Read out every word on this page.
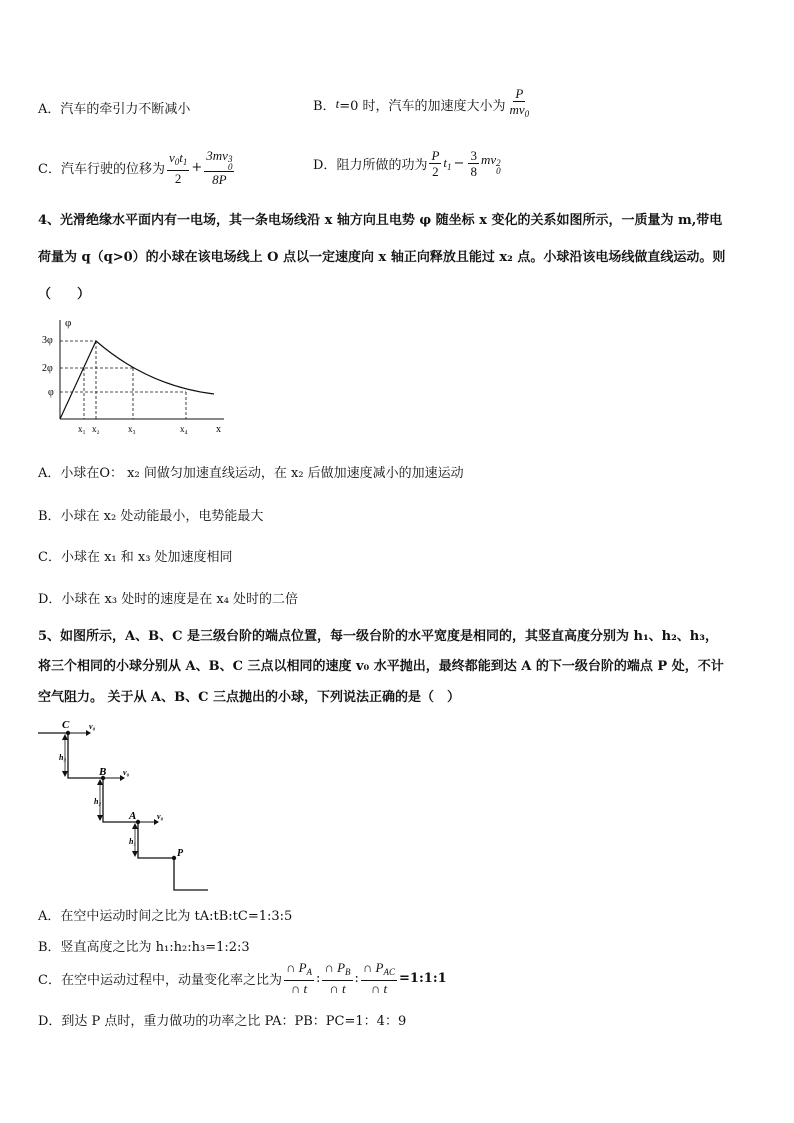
A．汽车的牵引力不断减小	B． t =0 时，汽车的加速度大小为 $\frac{P}{mv_0}$
C． 汽车行驶的位移为 $\frac{v_0t_1}{2} + 3mv$ 3
0
8P	D． 阻力所做的功为 $\frac{P}{2} t_1 - \frac{3}{8}$ mv 2
0
4、光滑绝缘水平面内有一电场，其一条电场线沿 x 轴方向且电势 φ 随坐标 x 变化的关系如图所示，一质量为 m,带电
荷量为 q（q>0）的小球在该电场线上 O 点以一定速度向 x 轴正向释放且能过 x₂ 点。小球沿该电场线做直线运动。则
（　　）
φ
x
3φ
2φ
φ
x₁ x₂	x₃	x₄
A．小球在O： x₂ 间做匀加速直线运动，在 x₂ 后做加速度减小的加速运动
B．小球在 x₂ 处动能最小，电势能最大
C．小球在 x₁ 和 x₃ 处加速度相同
D．小球在 x₃ 处时的速度是在 x₄ 处时的二倍
5、如图所示，A、B、C 是三级台阶的端点位置，每一级台阶的水平宽度是相同的，其竖直高度分别为 h₁、h₂、h₃，
将三个相同的小球分别从 A、B、C 三点以相同的速度 v₀ 水平抛出，最终都能到达 A 的下一级台阶的端点 P 处，不计
空气阻力。 关于从 A、B、C 三点抛出的小球，下列说法正确的是（　）
C
B
A
P
v₀
v₀
v₀
h₃
h₂
h₁
A．在空中运动时间之比为 tA:tB:tC=1:3:5
B．竖直高度之比为 h₁:h₂:h₃=1:2:3
C．在空中运动过程中，动量变化率之比为 $\frac{\cap P_A}{\cap t}$ : $\frac{\cap P_B}{\cap t}$ : $\frac{\cap P_{AC}}{\cap t}$ =1:1:1
D．到达 P 点时，重力做功的功率之比 PA：PB：PC=1：4：9
